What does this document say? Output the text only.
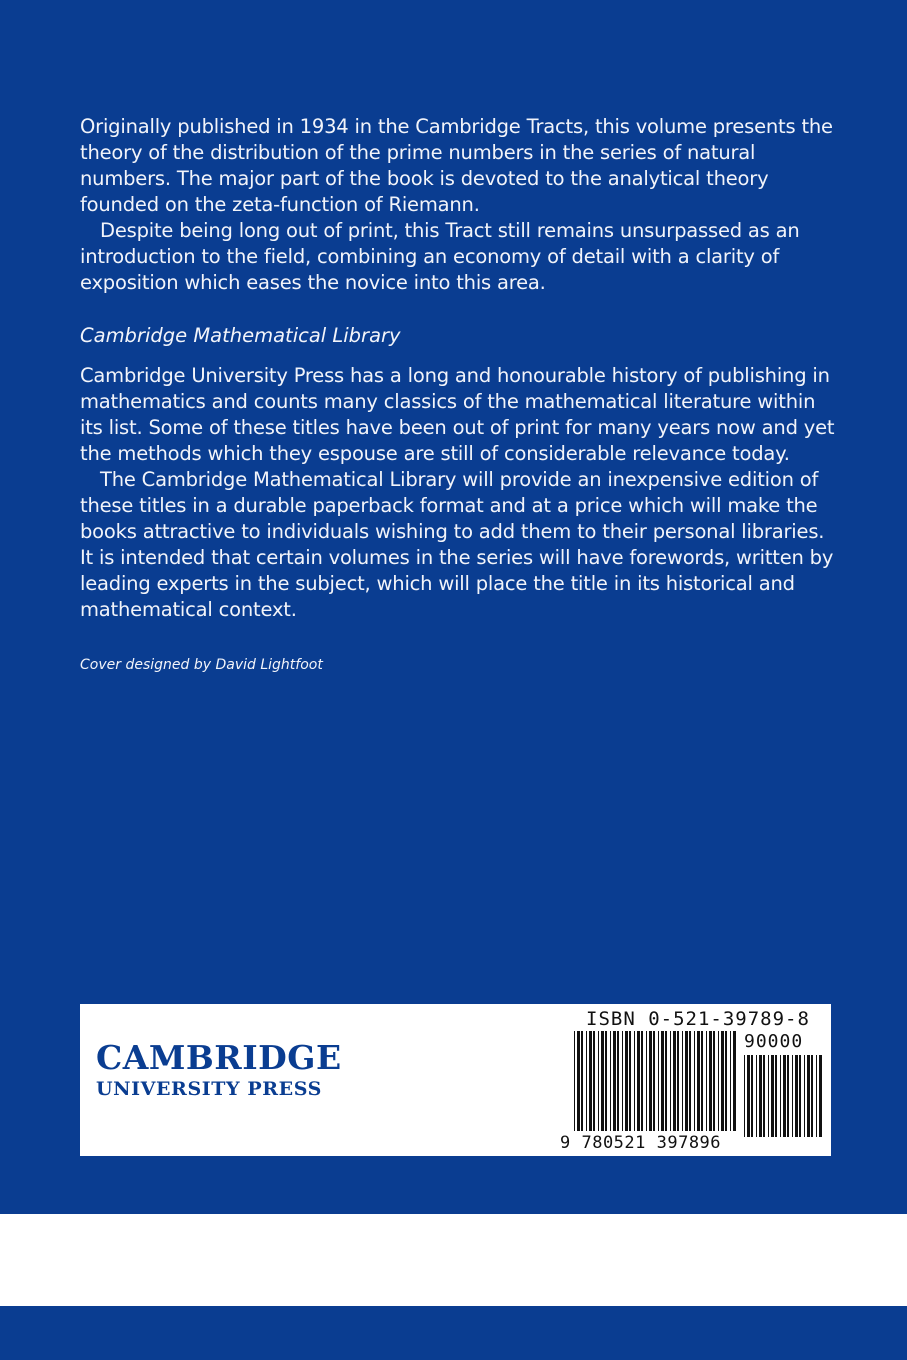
Originally published in 1934 in the Cambridge Tracts, this volume presents the theory of the distribution of the prime numbers in the series of natural numbers. The major part of the book is devoted to the analytical theory founded on the zeta-function of Riemann.

Despite being long out of print, this Tract still remains unsurpassed as an introduction to the field, combining an economy of detail with a clarity of exposition which eases the novice into this area.

Cambridge Mathematical Library

Cambridge University Press has a long and honourable history of publishing in mathematics and counts many classics of the mathematical literature within its list. Some of these titles have been out of print for many years now and yet the methods which they espouse are still of considerable relevance today.

The Cambridge Mathematical Library will provide an inexpensive edition of these titles in a durable paperback format and at a price which will make the books attractive to individuals wishing to add them to their personal libraries. It is intended that certain volumes in the series will have forewords, written by leading experts in the subject, which will place the title in its historical and mathematical context.

Cover designed by David Lightfoot
CAMBRIDGE
UNIVERSITY PRESS
ISBN 0-521-39789-8
90000
9 780521 397896
